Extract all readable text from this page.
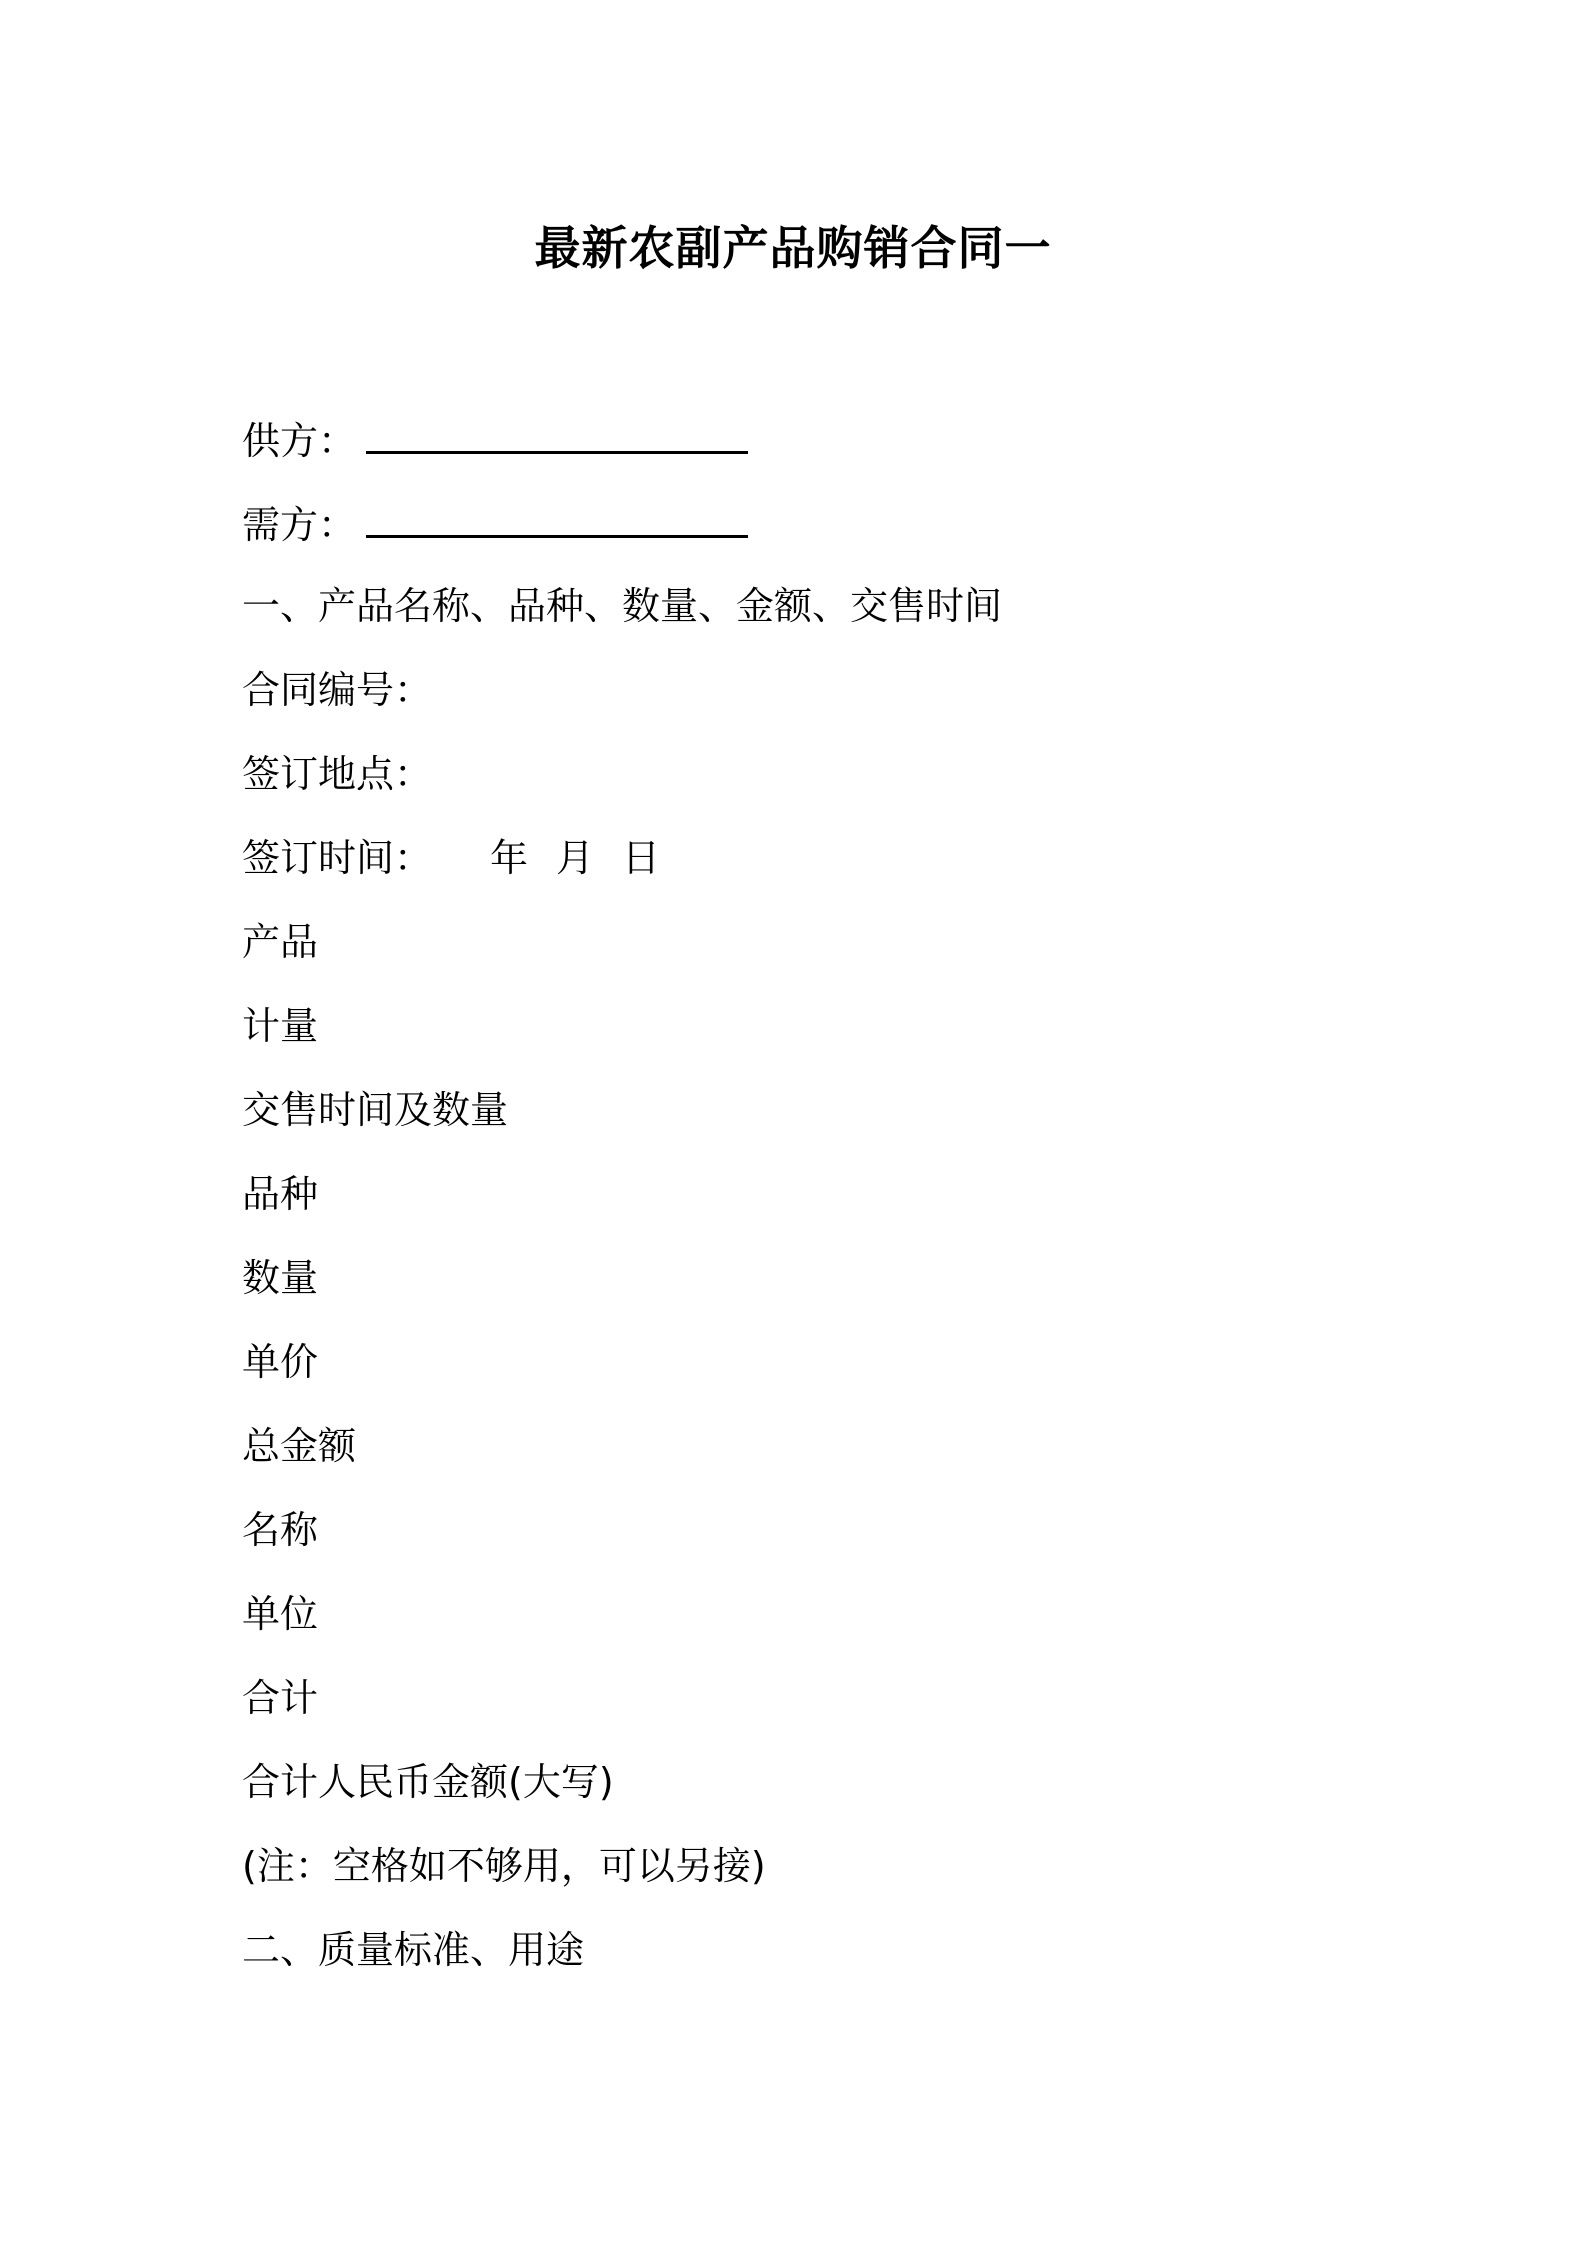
最新农副产品购销合同一
供方：
需方：
一、产品名称、品种、数量、金额、交售时间
合同编号：
签订地点：
签订时间： 年 月 日
产品
计量
交售时间及数量
品种
数量
单价
总金额
名称
单位
合计
合计人民币金额(大写)
(注：空格如不够用，可以另接)
二、质量标准、用途
